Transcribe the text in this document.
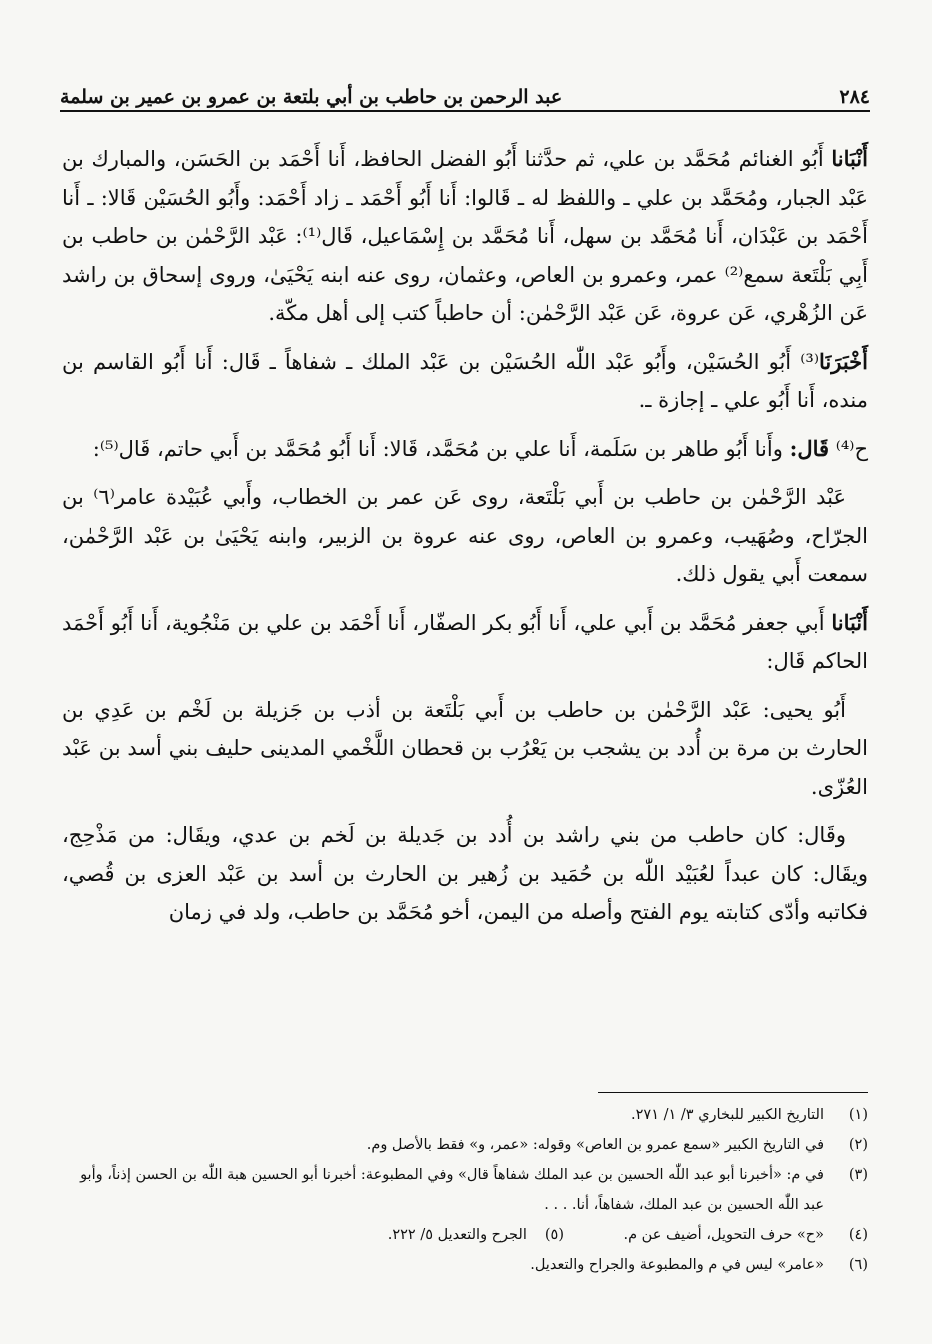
٢٨٤
عبد الرحمن بن حاطب بن أبي بلتعة بن عمرو بن عمير بن سلمة

أَنْبَانا أَبُو الغنائم مُحَمَّد بن علي، ثم حدَّثنا أَبُو الفضل الحافظ، أَنا أَحْمَد بن الحَسَن، والمبارك بن عَبْد الجبار، ومُحَمَّد بن علي ـ واللفظ له ـ قَالوا: أَنا أَبُو أَحْمَد ـ زاد أَحْمَد: وأَبُو الحُسَيْن قَالا: ـ أَنا أَحْمَد بن عَبْدَان، أَنا مُحَمَّد بن سهل، أَنا مُحَمَّد بن إِسْمَاعيل، قَال⁽¹⁾: عَبْد الرَّحْمٰن بن حاطب بن أَبِي بَلْتَعة سمع⁽²⁾ عمر، وعمرو بن العاص، وعثمان، روى عنه ابنه يَحْيَىٰ، وروى إسحاق بن راشد عَن الزُهْري، عَن عروة، عَن عَبْد الرَّحْمٰن: أن حاطباً كتب إلى أهل مكّة.

أَخْبَرَنَا⁽³⁾ أَبُو الحُسَيْن، وأَبُو عَبْد اللّٰه الحُسَيْن بن عَبْد الملك ـ شفاهاً ـ قَال: أَنا أَبُو القاسم بن منده، أَنا أَبُو علي ـ إجازة ـ.

ح⁽⁴⁾ قَال: وأَنا أَبُو طاهر بن سَلَمة، أَنا علي بن مُحَمَّد، قَالا: أَنا أَبُو مُحَمَّد بن أَبي حاتم، قَال⁽⁵⁾:

عَبْد الرَّحْمٰن بن حاطب بن أَبي بَلْتَعة، روى عَن عمر بن الخطاب، وأَبي عُبَيْدة عامر⁽٦⁾ بن الجرّاح، وصُهَيب، وعمرو بن العاص، روى عنه عروة بن الزبير، وابنه يَحْيَىٰ بن عَبْد الرَّحْمٰن، سمعت أَبي يقول ذلك.

أَنْبَانا أَبي جعفر مُحَمَّد بن أَبي علي، أَنا أَبُو بكر الصفّار، أَنا أَحْمَد بن علي بن مَنْجُوية، أَنا أَبُو أَحْمَد الحاكم قَال:

أَبُو يحيى: عَبْد الرَّحْمٰن بن حاطب بن أَبي بَلْتَعة بن أذب بن جَزيلة بن لَخْم بن عَدِي بن الحارث بن مرة بن أُدد بن يشجب بن يَعْرُب بن قحطان اللَّخْمي المدينى حليف بني أسد بن عَبْد العُزّى.

وقَال: كان حاطب من بني راشد بن أُدد بن جَديلة بن لَخم بن عدي، ويقَال: من مَذْحِج، ويقَال: كان عبداً لعُبَيْد اللّٰه بن حُمَيد بن زُهير بن الحارث بن أسد بن عَبْد العزى بن قُصي، فكاتبه وأدّى كتابته يوم الفتح وأصله من اليمن، أخو مُحَمَّد بن حاطب، ولد في زمان

(١)
التاريخ الكبير للبخاري ٣/ ١/ ٢٧١.
(٢)
في التاريخ الكبير «سمع عمرو بن العاص» وقوله: «عمر، و» فقط بالأصل وم.
(٣)
في م: «أخبرنا أبو عبد اللّٰه الحسين بن عبد الملك شفاهاً قال» وفي المطبوعة: أخبرنا أبو الحسين هبة اللّٰه بن الحسن إذناً، وأبو عبد اللّٰه الحسين بن عبد الملك، شفاهاً، أنا. . . .
(٤)
«ح» حرف التحويل، أضيف عن م.
(٥)الجرح والتعديل ٥/ ٢٢٢.
(٦)
«عامر» ليس في م والمطبوعة والجراح والتعديل.
